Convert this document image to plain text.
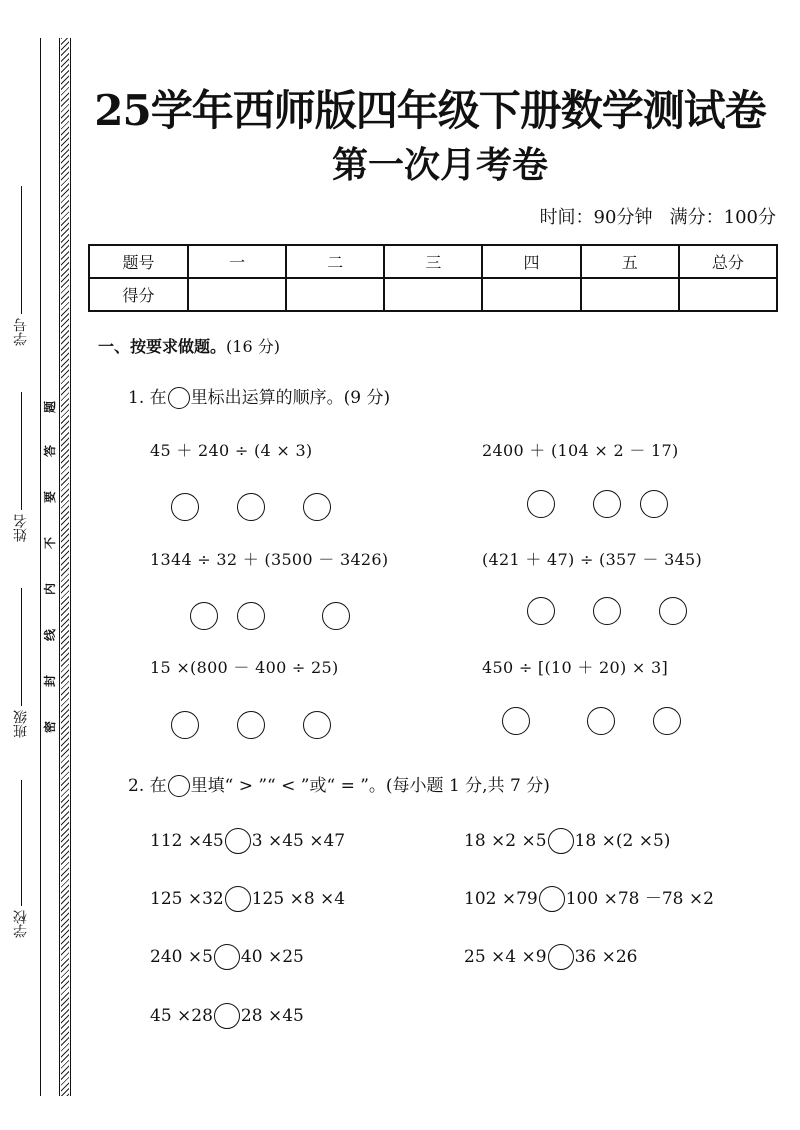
学号
姓名
班级
学校
题
答
要
不
内
线
封
密
25学年西师版四年级下册数学测试卷
第一次月考卷
时间：90分钟 满分：100分
题号	一	二	三	四	五	总分
得分						
一、按要求做题。(16 分)
1. 在 里标出运算的顺序。(9 分)
45 ＋ 240 ÷ (4 × 3)	2400 ＋ (104 × 2 － 17)
1344 ÷ 32 ＋ (3500 － 3426)	(421 ＋ 47) ÷ (357 － 345)
15 ×(800 － 400 ÷ 25)	450 ÷ [(10 ＋ 20) × 3]
2. 在 里填“ > ”“ < ”或“ = ”。(每小题 1 分,共 7 分)
112 ×45 3 ×45 ×47	18 ×2 ×5 18 ×(2 ×5)
125 ×32 125 ×8 ×4	102 ×79 100 ×78 －78 ×2
240 ×5 40 ×25	25 ×4 ×9 36 ×26
45 ×28 28 ×45
